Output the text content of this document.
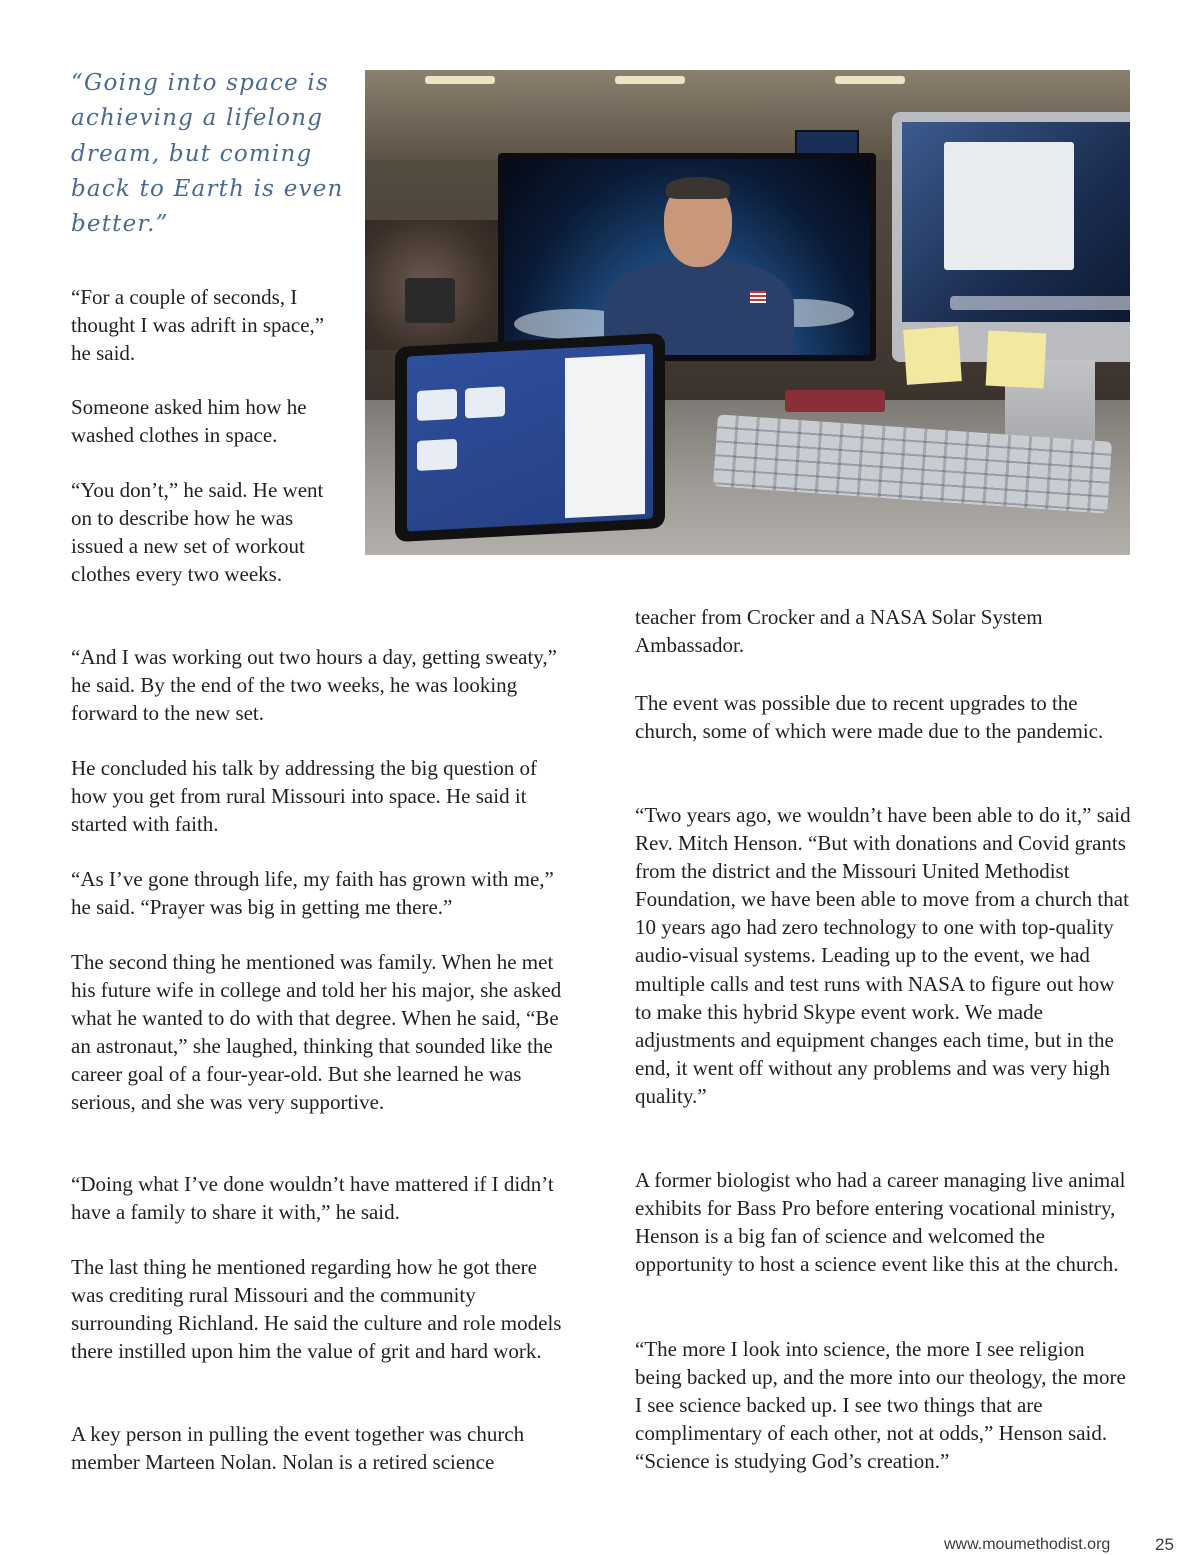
“Going into space is achieving a lifelong dream, but coming back to Earth is even better.”

“For a couple of seconds, I thought I was adrift in space,” he said.

Someone asked him how he washed clothes in space.

“You don’t,” he said. He went on to describe how he was issued a new set of workout clothes every two weeks.

“And I was working out two hours a day, getting sweaty,” he said. By the end of the two weeks, he was looking forward to the new set.

He concluded his talk by addressing the big question of how you get from rural Missouri into space. He said it started with faith.

“As I’ve gone through life, my faith has grown with me,” he said. “Prayer was big in getting me there.”

The second thing he mentioned was family. When he met his future wife in college and told her his major, she asked what he wanted to do with that degree. When he said, “Be an astronaut,” she laughed, thinking that sounded like the career goal of a four-year-old. But she learned he was serious, and she was very supportive.

“Doing what I’ve done wouldn’t have mattered if I didn’t have a family to share it with,” he said.

The last thing he mentioned regarding how he got there was crediting rural Missouri and the community surrounding Richland. He said the culture and role models there instilled upon him the value of grit and hard work.

A key person in pulling the event together was church member Marteen Nolan. Nolan is a retired science

teacher from Crocker and a NASA Solar System Ambassador.

The event was possible due to recent upgrades to the church, some of which were made due to the pandemic.

“Two years ago, we wouldn’t have been able to do it,” said Rev. Mitch Henson. “But with donations and Covid grants from the district and the Missouri United Methodist Foundation, we have been able to move from a church that 10 years ago had zero technology to one with top-quality audio-visual systems. Leading up to the event, we had multiple calls and test runs with NASA to figure out how to make this hybrid Skype event work. We made adjustments and equipment changes each time, but in the end, it went off without any problems and was very high quality.”

A former biologist who had a career managing live animal exhibits for Bass Pro before entering vocational ministry, Henson is a big fan of science and welcomed the opportunity to host a science event like this at the church.

“The more I look into science, the more I see religion being backed up, and the more into our theology, the more I see science backed up. I see two things that are complimentary of each other, not at odds,” Henson said. “Science is studying God’s creation.”

www.moumethodist.org	25
